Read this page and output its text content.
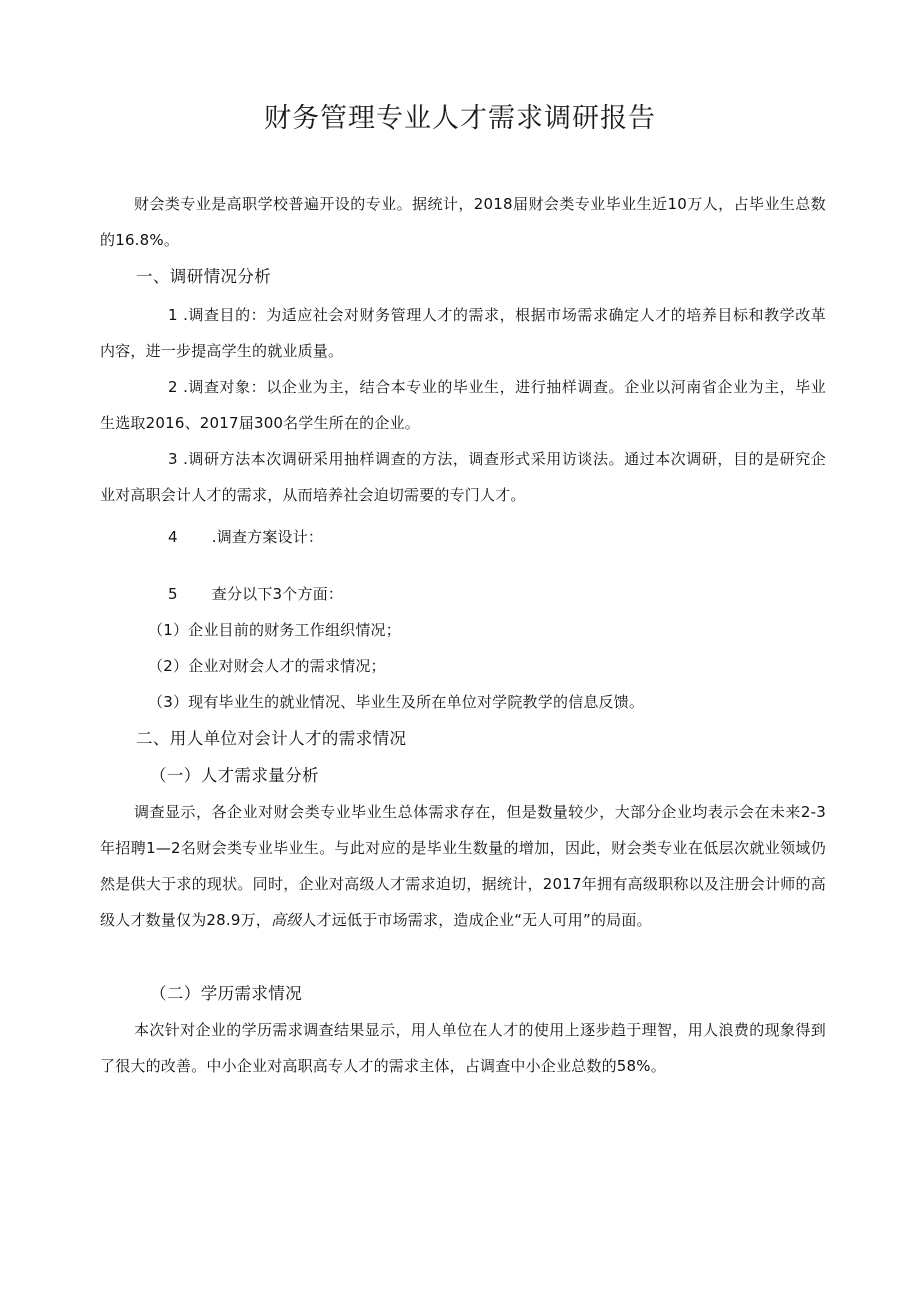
财务管理专业人才需求调研报告
财会类专业是高职学校普遍开设的专业。据统计，2018届财会类专业毕业生近10万人，占毕业生总数的16.8%。
一、调研情况分析
1 .调查目的：为适应社会对财务管理人才的需求，根据市场需求确定人才的培养目标和教学改革内容，进一步提高学生的就业质量。
2 .调查对象：以企业为主，结合本专业的毕业生，进行抽样调查。企业以河南省企业为主，毕业生选取2016、2017届300名学生所在的企业。
3 .调研方法本次调研采用抽样调查的方法，调查形式采用访谈法。通过本次调研，目的是研究企业对高职会计人才的需求，从而培养社会迫切需要的专门人才。
4 .调查方案设计：
5 查分以下3个方面：
（1）企业目前的财务工作组织情况；
（2）企业对财会人才的需求情况；
（3）现有毕业生的就业情况、毕业生及所在单位对学院教学的信息反馈。
二、用人单位对会计人才的需求情况
（一）人才需求量分析
调查显示，各企业对财会类专业毕业生总体需求存在，但是数量较少，大部分企业均表示会在未来2-3年招聘1—2名财会类专业毕业生。与此对应的是毕业生数量的增加，因此，财会类专业在低层次就业领域仍然是供大于求的现状。同时，企业对高级人才需求迫切，据统计，2017年拥有高级职称以及注册会计师的高级人才数量仅为28.9万，高级人才远低于市场需求，造成企业“无人可用”的局面。
（二）学历需求情况
本次针对企业的学历需求调查结果显示，用人单位在人才的使用上逐步趋于理智，用人浪费的现象得到了很大的改善。中小企业对高职高专人才的需求主体，占调查中小企业总数的58%。
